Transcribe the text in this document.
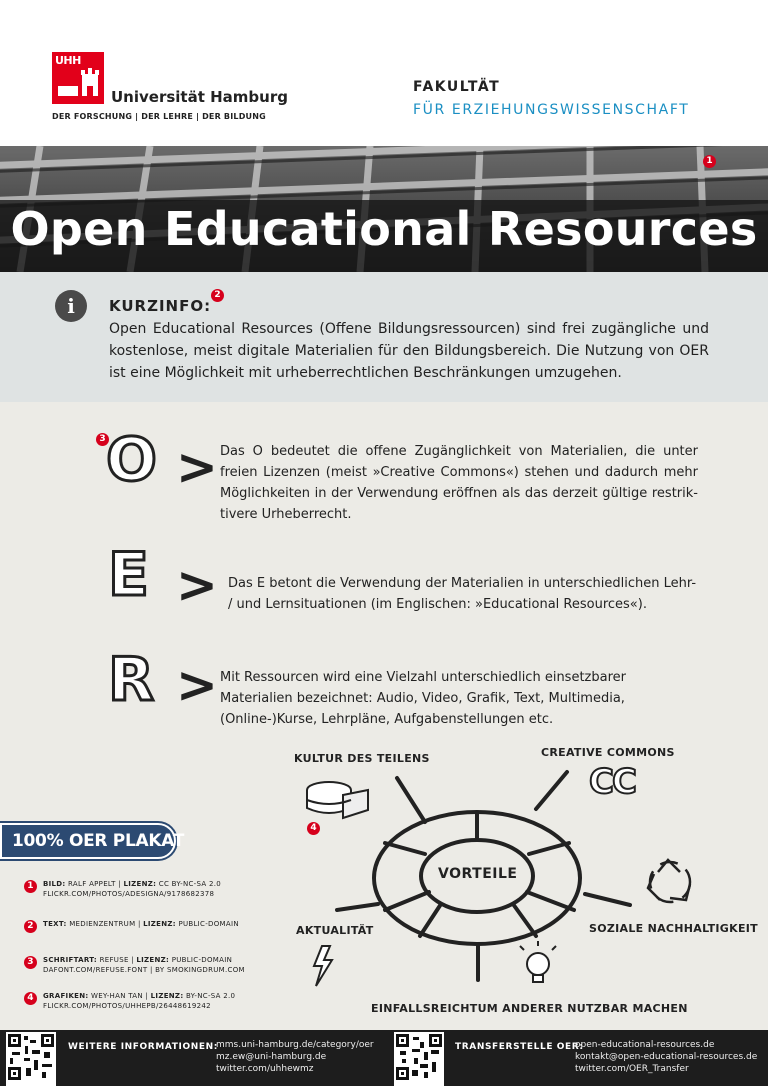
UHH
Universität Hamburg
DER FORSCHUNG | DER LEHRE | DER BILDUNG
FAKULTÄT
FÜR ERZIEHUNGSWISSENSCHAFT
1
Open Educational Resources
i	KURZINFO:
2
Open Educational Resources (Offene Bildungsressourcen) sind frei zugängliche und kostenlose, meist digitale Materialien für den Bildungsbereich. Die Nutzung von OER ist eine Möglichkeit mit urheberrechtlichen Beschränkungen umzugehen.
3 O > Das O bedeutet die offene Zugänglichkeit von Materialien, die unter freien Lizenzen (meist »Creative Commons«) stehen und dadurch mehr Möglichkeiten in der Verwendung eröffnen als das derzeit gültige restriktivere Urheberrecht.
E > Das E betont die Verwendung der Materialien in unterschiedlichen Lehr- / und Lernsituationen (im Englischen: »Educational Resources«).
R > Mit Ressourcen wird eine Vielzahl unterschiedlich einsetzbarer Materialien bezeichnet: Audio, Video, Grafik, Text, Multimedia, (Online-)Kurse, Lehrpläne, Aufgabenstellungen etc.
KULTUR DES TEILENS	CREATIVE COMMONS
CC
AKTUALITÄT	SOZIALE NACHHALTIGKEIT
EINFALLSREICHTUM ANDERER NUTZBAR MACHEN
VORTEILE
4
100% OER PLAKAT
1	BILD: RALF APPELT | LIZENZ: CC BY-NC-SA 2.0
FLICKR.COM/PHOTOS/ADESIGNA/9178682378
2	TEXT: MEDIENZENTRUM | LIZENZ: PUBLIC-DOMAIN
3	SCHRIFTART: REFUSE | LIZENZ: PUBLIC-DOMAIN
DAFONT.COM/REFUSE.FONT | BY SMOKINGDRUM.COM
4	GRAFIKEN: WEY-HAN TAN | LIZENZ: BY-NC-SA 2.0
FLICKR.COM/PHOTOS/UHHEPB/26448619242
WEITERE INFORMATIONEN:
mms.uni-hamburg.de/category/oer
mz.ew@uni-hamburg.de
twitter.com/uhhewmz
TRANSFERSTELLE OER:
open-educational-resources.de
kontakt@open-educational-resources.de
twitter.com/OER_Transfer
